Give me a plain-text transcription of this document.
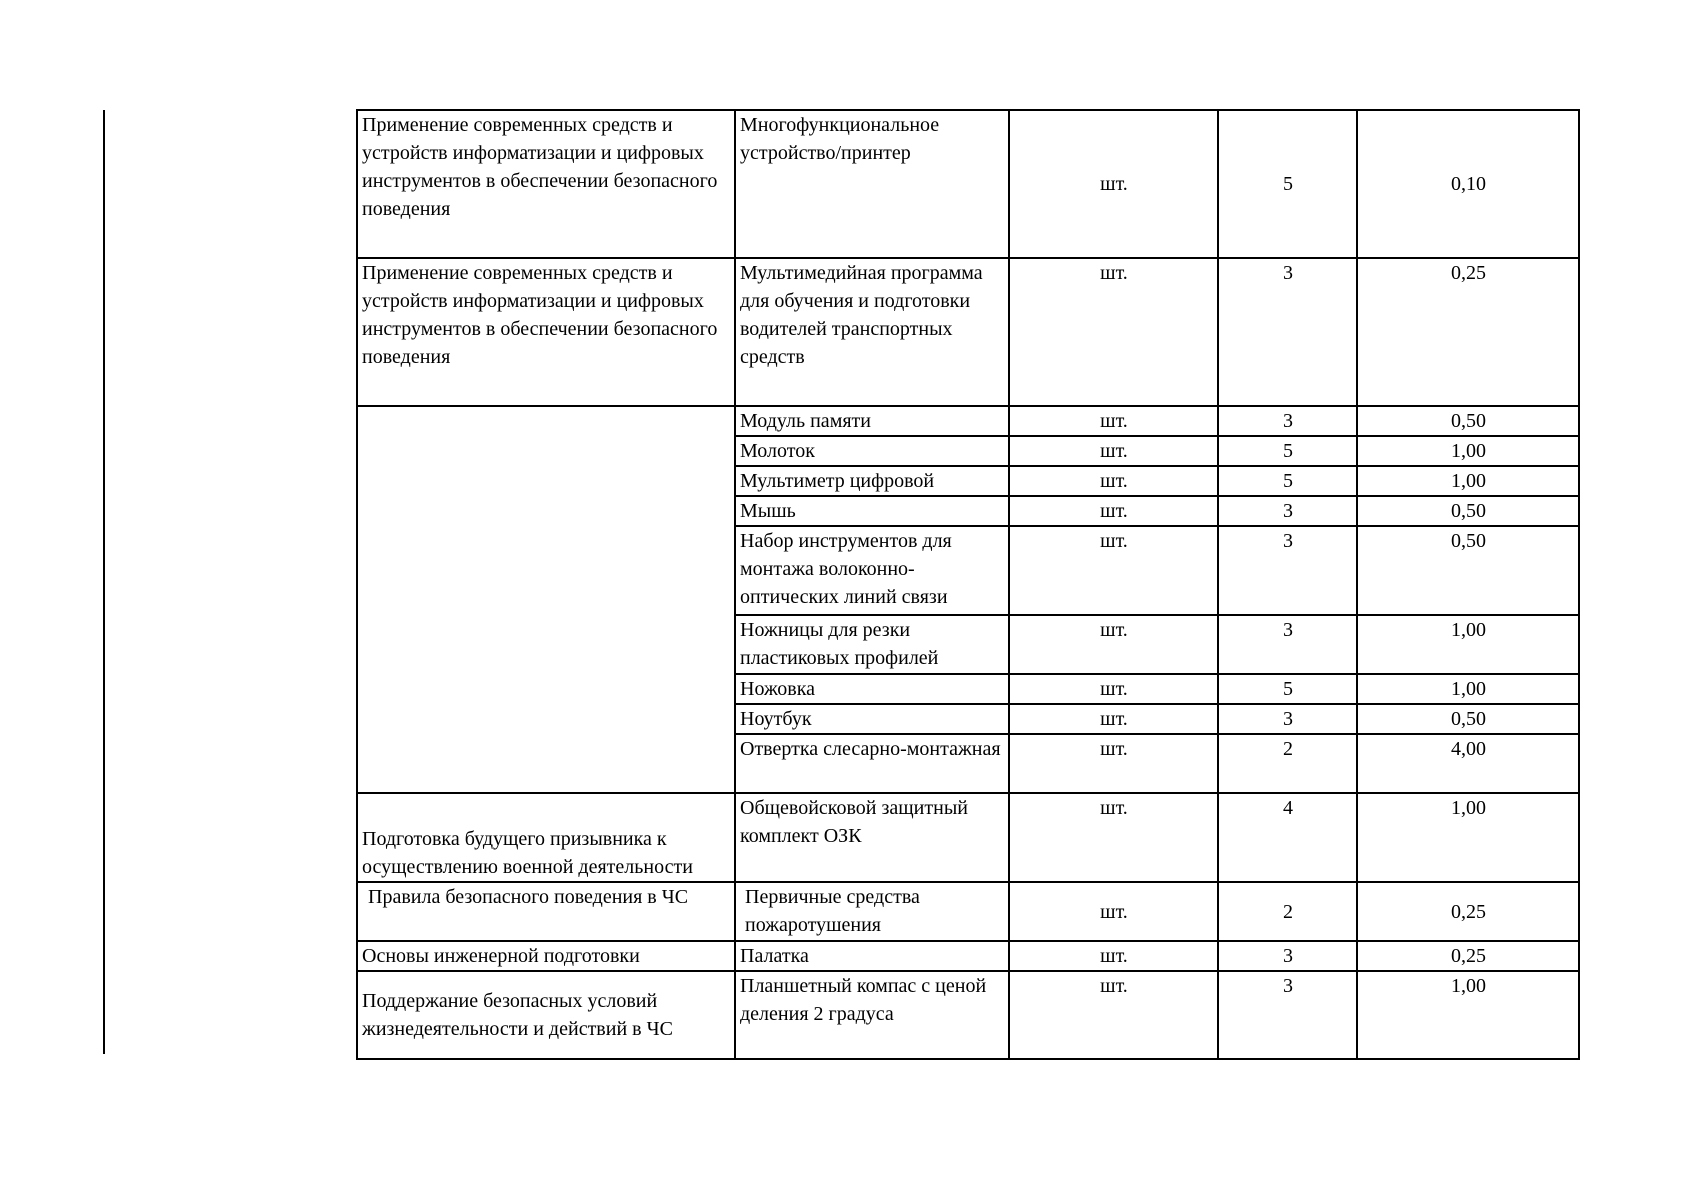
Применение современных средств и устройств информатизации и цифровых инструментов в обеспечении безопасного поведения	Многофункциональное устройство/принтер	шт.	5	0,10
Применение современных средств и устройств информатизации и цифровых инструментов в обеспечении безопасного поведения	Мультимедийная программа для обучения и подготовки водителей транспортных средств	шт.	3	0,25
	Модуль памяти	шт.	3	0,50
	Молоток	шт.	5	1,00
	Мультиметр цифровой	шт.	5	1,00
	Мышь	шт.	3	0,50
	Набор инструментов для монтажа волоконно-оптических линий связи	шт.	3	0,50
	Ножницы для резки пластиковых профилей	шт.	3	1,00
	Ножовка	шт.	5	1,00
	Ноутбук	шт.	3	0,50
	Отвертка слесарно-монтажная	шт.	2	4,00
Подготовка будущего призывника к осуществлению военной деятельности	Общевойсковой защитный комплект ОЗК	шт.	4	1,00
Правила безопасного поведения в ЧС	Первичные средства пожаротушения	шт.	2	0,25
Основы инженерной подготовки	Палатка	шт.	3	0,25
Поддержание безопасных условий жизнедеятельности и действий в ЧС	Планшетный компас с ценой деления 2 градуса	шт.	3	1,00
